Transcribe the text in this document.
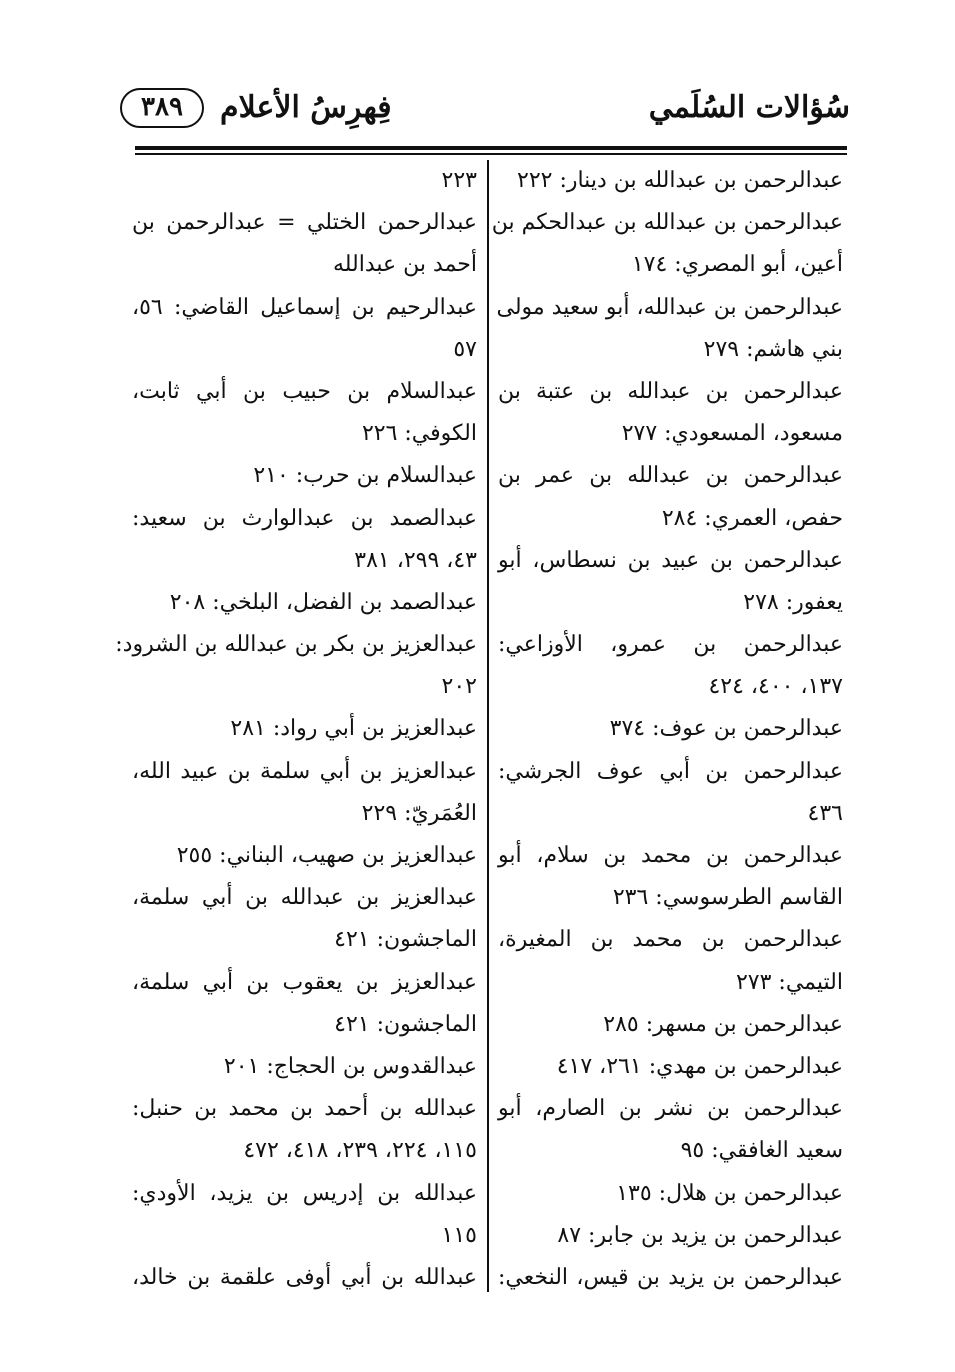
سُؤالات السُلَمي
فِهرِسُ الأعلام
٣٨٩
عبدالرحمن بن عبدالله بن دينار: ٢٢٢
عبدالرحمن بن عبدالله بن عبدالحكم بن
أعين، أبو المصري: ١٧٤
عبدالرحمن بن عبدالله، أبو سعيد مولى
بني هاشم: ٢٧٩
عبدالرحمن بن عبدالله بن عتبة بن
مسعود، المسعودي: ٢٧٧
عبدالرحمن بن عبدالله بن عمر بن
حفص، العمري: ٢٨٤
عبدالرحمن بن عبيد بن نسطاس، أبو
يعفور: ٢٧٨
عبدالرحمن بن عمرو، الأوزاعي:
١٣٧، ٤٠٠، ٤٢٤
عبدالرحمن بن عوف: ٣٧٤
عبدالرحمن بن أبي عوف الجرشي:
٤٣٦
عبدالرحمن بن محمد بن سلام، أبو
القاسم الطرسوسي: ٢٣٦
عبدالرحمن بن محمد بن المغيرة،
التيمي: ٢٧٣
عبدالرحمن بن مسهر: ٢٨٥
عبدالرحمن بن مهدي: ٢٦١، ٤١٧
عبدالرحمن بن نشر بن الصارم، أبو
سعيد الغافقي: ٩٥
عبدالرحمن بن هلال: ١٣٥
عبدالرحمن بن يزيد بن جابر: ٨٧
عبدالرحمن بن يزيد بن قيس، النخعي:
٢٢٣
عبدالرحمن الختلي = عبدالرحمن بن
أحمد بن عبدالله
عبدالرحيم بن إسماعيل القاضي: ٥٦،
٥٧
عبدالسلام بن حبيب بن أبي ثابت،
الكوفي: ٢٢٦
عبدالسلام بن حرب: ٢١٠
عبدالصمد بن عبدالوارث بن سعيد:
٤٣، ٢٩٩، ٣٨١
عبدالصمد بن الفضل، البلخي: ٢٠٨
عبدالعزيز بن بكر بن عبدالله بن الشرود:
٢٠٢
عبدالعزيز بن أبي رواد: ٢٨١
عبدالعزيز بن أبي سلمة بن عبيد الله،
العُمَريّ: ٢٢٩
عبدالعزيز بن صهيب، البناني: ٢٥٥
عبدالعزيز بن عبدالله بن أبي سلمة،
الماجشون: ٤٢١
عبدالعزيز بن يعقوب بن أبي سلمة،
الماجشون: ٤٢١
عبدالقدوس بن الحجاج: ٢٠١
عبدالله بن أحمد بن محمد بن حنبل:
١١٥، ٢٢٤، ٢٣٩، ٤١٨، ٤٧٢
عبدالله بن إدريس بن يزيد، الأودي:
١١٥
عبدالله بن أبي أوفى علقمة بن خالد،
